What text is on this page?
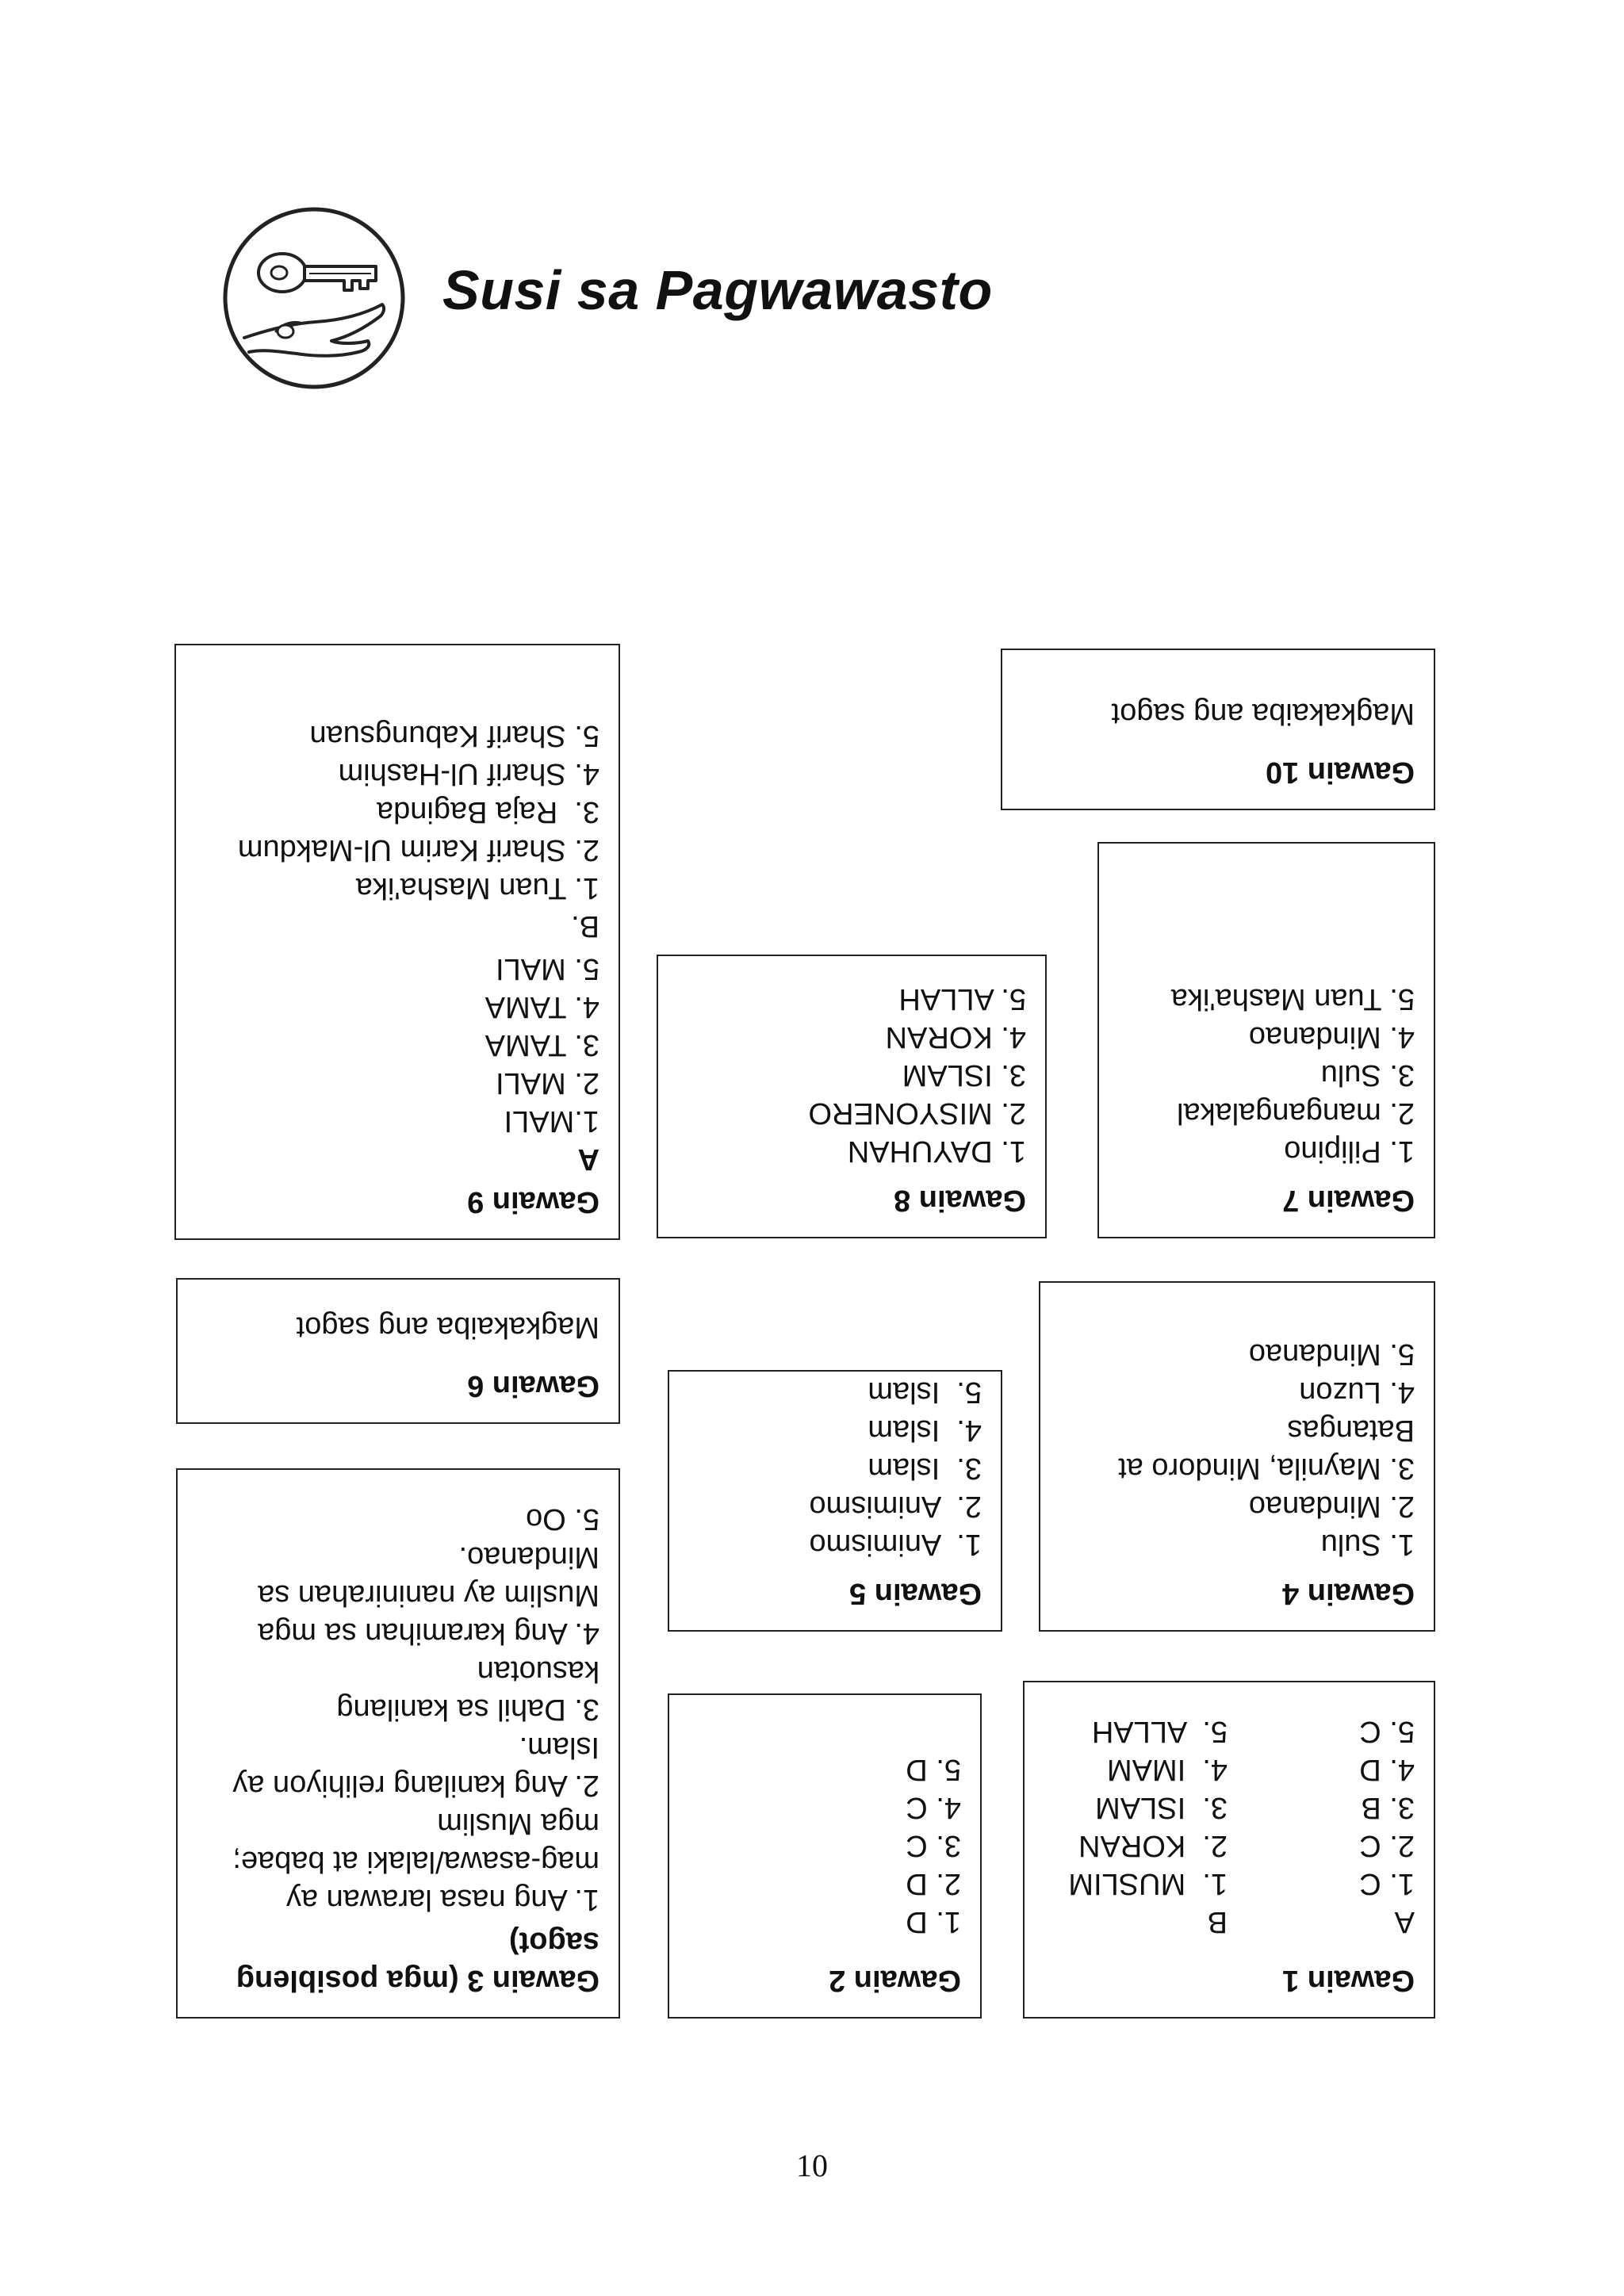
Susi sa Pagwawasto
Gawain 10
Magkakaiba ang sagot
Gawain 9
A
1.MALI
2. MALI
3. TAMA
4. TAMA
5. MALI
B.
1. Tuan Masha'ika
2. Sharif Karim Ul-Makdum
3.  Raja Baginda
4. Sharif Ul-Hashim
5. Sharif Kabungsuan
Gawain 8
1. DAYUHAN
2. MISYONERO
3. ISLAM
4. KORAN
5. ALLAH
Gawain 7
1. Pilipino
2. mangangalakal
3. Sulu
4. Mindanao
5. Tuan Masha'ika
Gawain 6
Magkakaiba ang sagot
Gawain 4
1. Sulu
2. Mindanao
3. Maynila, Mindoro at Batangas
4. Luzon
5. Mindanao
Gawain 5
1.  Animismo
2.  Animismo
3.  Islam
4.  Islam
5.  Islam
Gawain 3 (mga posibleng sagot)
1. Ang nasa larawan ay mag-asawa/lalaki at babae; mga Muslim
2. Ang kanilang relihiyon ay Islam.
3. Dahil sa kanilang kasuotan
4. Ang karamihan sa mga Muslim ay naninirahan sa Mindanao.
5. Oo
Gawain 2
1. D
2. D
3. C
4. C
5. D
Gawain 1
A
1. C
2. C
3. B
4. D
5. C
B
1.  MUSLIM
2.  KORAN
3.  ISLAM
4.  IMAM
5.  ALLAH
10
